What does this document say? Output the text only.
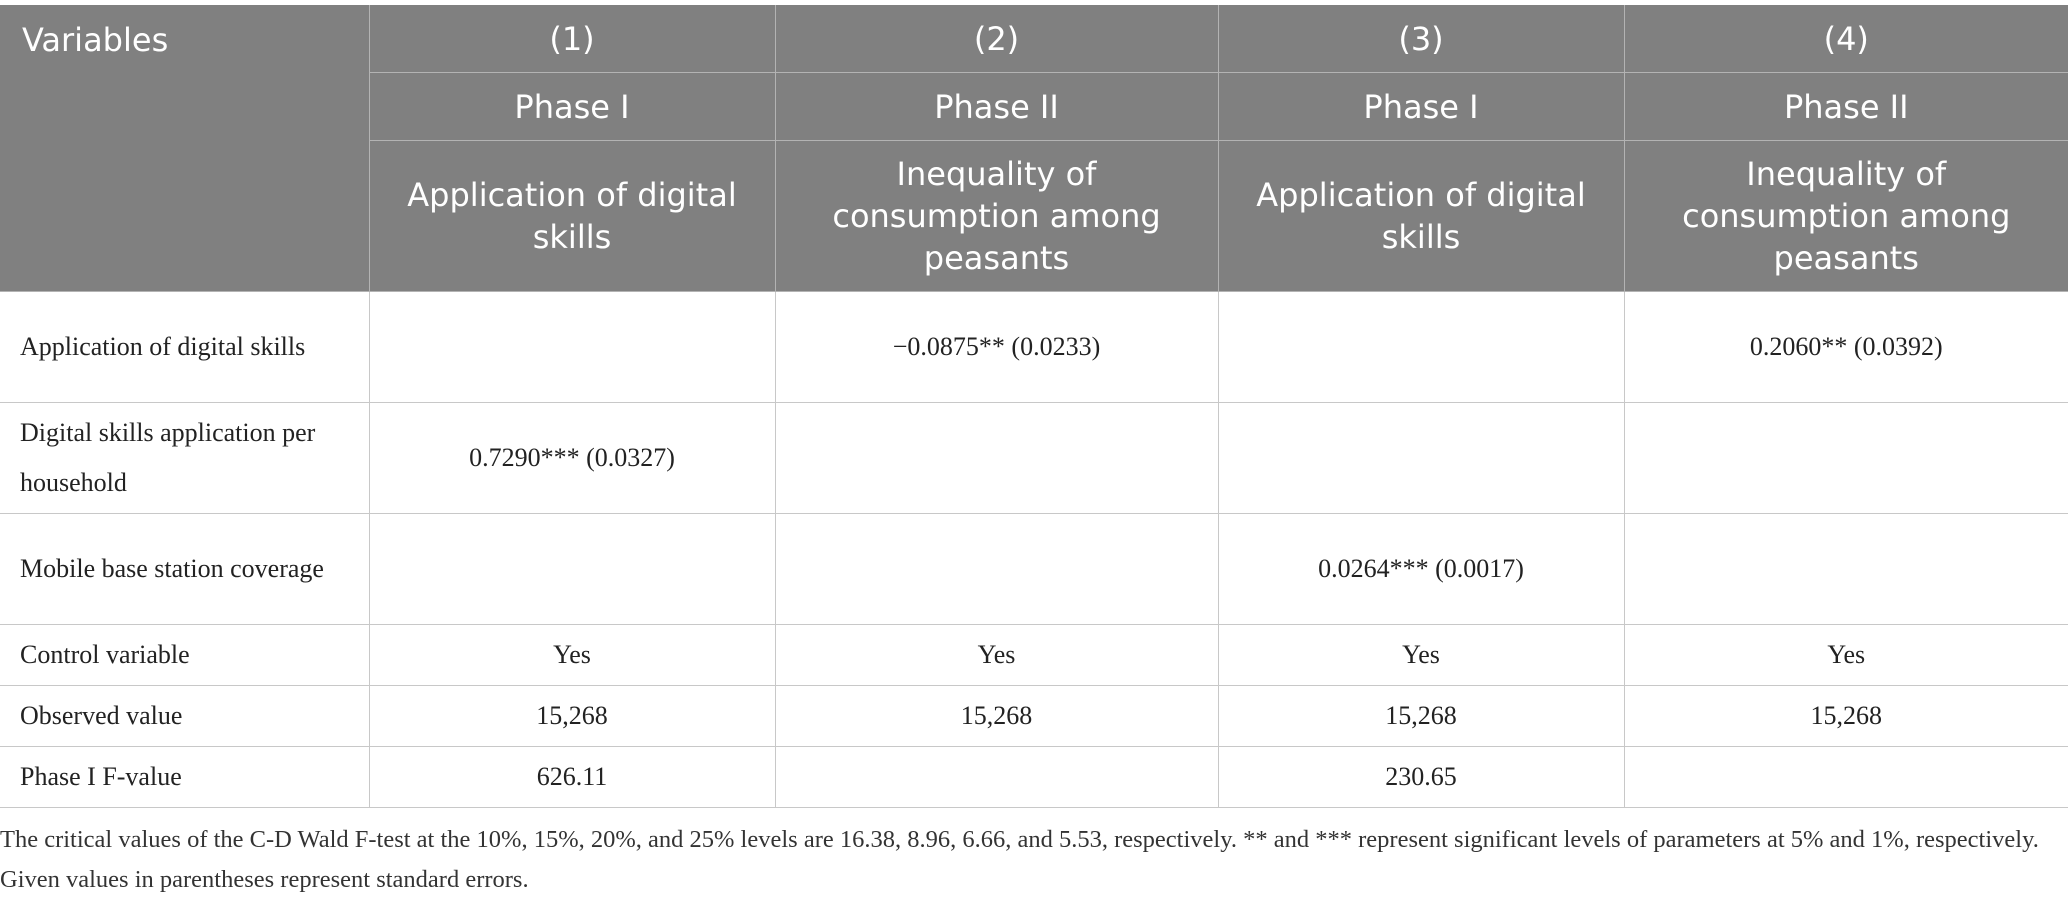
Variables	(1)	(2)	(3)	(4)
	Phase I	Phase II	Phase I	Phase II
	Application of digital skills	Inequality of consumption among peasants	Application of digital skills	Inequality of consumption among peasants
Application of digital skills		−0.0875** (0.0233)		0.2060** (0.0392)
Digital skills application per household	0.7290*** (0.0327)			
Mobile base station coverage			0.0264*** (0.0017)	
Control variable	Yes	Yes	Yes	Yes
Observed value	15,268	15,268	15,268	15,268
Phase I F-value	626.11		230.65	
The critical values of the C-D Wald F-test at the 10%, 15%, 20%, and 25% levels are 16.38, 8.96, 6.66, and 5.53, respectively. ** and *** represent significant levels of parameters at 5% and 1%, respectively. Given values in parentheses represent standard errors.
